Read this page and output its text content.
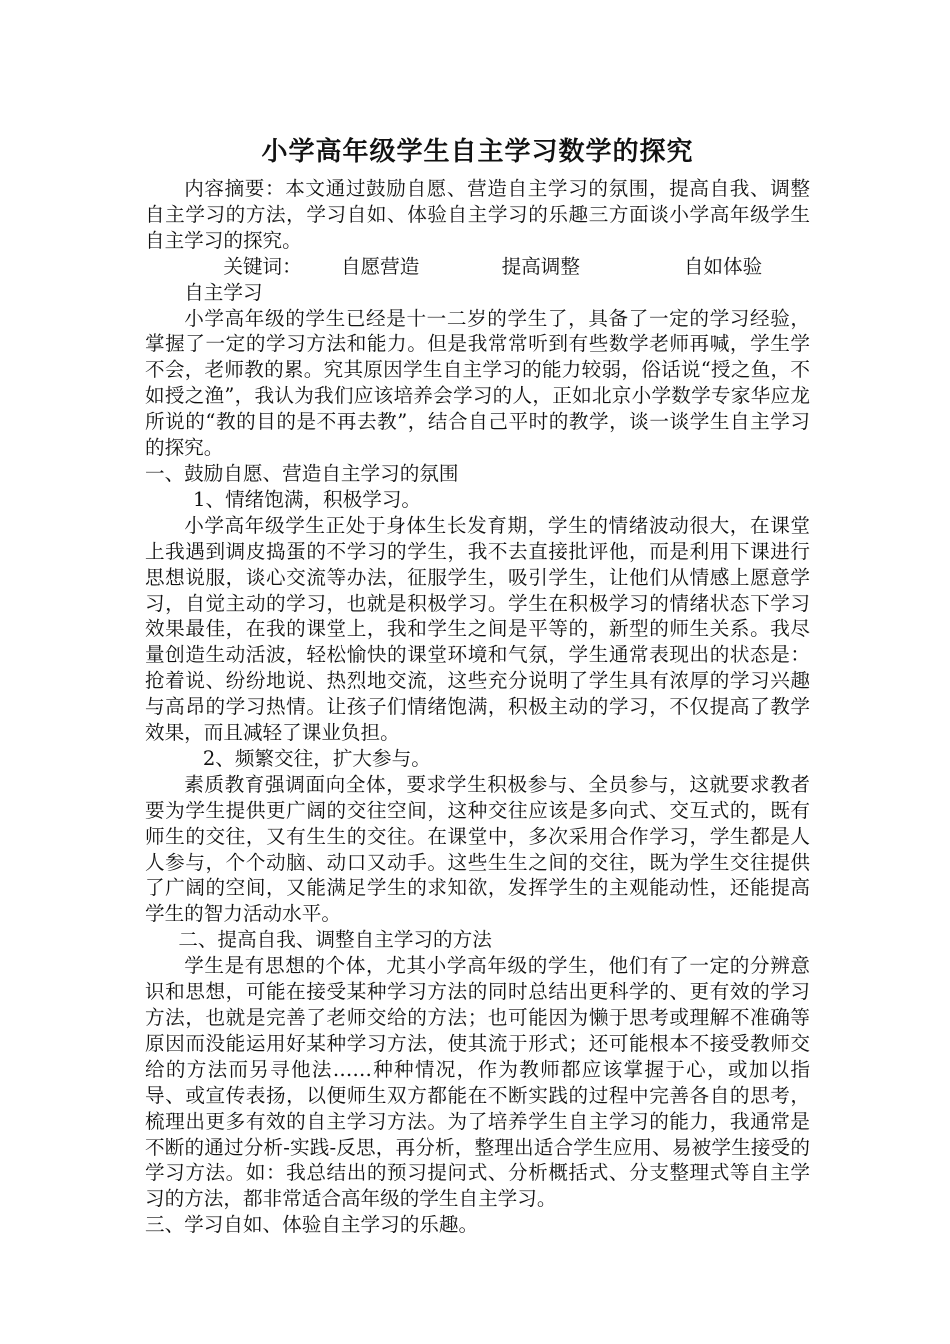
小学高年级学生自主学习数学的探究

内容摘要：本文通过鼓励自愿、营造自主学习的氛围，提高自我、调整自主学习的方法，学习自如、体验自主学习的乐趣三方面谈小学高年级学生自主学习的探究。

关键词： 自愿营造	提高调整	自如体验自主学习

小学高年级的学生已经是十一二岁的学生了，具备了一定的学习经验，掌握了一定的学习方法和能力。但是我常常听到有些数学老师再喊，学生学不会，老师教的累。究其原因学生自主学习的能力较弱，俗话说“授之鱼，不如授之渔”，我认为我们应该培养会学习的人，正如北京小学数学专家华应龙所说的“教的目的是不再去教”，结合自己平时的教学，谈一谈学生自主学习的探究。

一、鼓励自愿、营造自主学习的氛围

1、情绪饱满，积极学习。

小学高年级学生正处于身体生长发育期，学生的情绪波动很大，在课堂上我遇到调皮捣蛋的不学习的学生，我不去直接批评他，而是利用下课进行思想说服，谈心交流等办法，征服学生，吸引学生，让他们从情感上愿意学习，自觉主动的学习，也就是积极学习。学生在积极学习的情绪状态下学习效果最佳，在我的课堂上，我和学生之间是平等的，新型的师生关系。我尽量创造生动活波，轻松愉快的课堂环境和气氛，学生通常表现出的状态是：抢着说、纷纷地说、热烈地交流，这些充分说明了学生具有浓厚的学习兴趣与高昂的学习热情。让孩子们情绪饱满，积极主动的学习，不仅提高了教学效果，而且减轻了课业负担。

2、频繁交往，扩大参与。

素质教育强调面向全体，要求学生积极参与、全员参与，这就要求教者要为学生提供更广阔的交往空间，这种交往应该是多向式、交互式的，既有师生的交往，又有生生的交往。在课堂中，多次采用合作学习，学生都是人人参与，个个动脑、动口又动手。这些生生之间的交往，既为学生交往提供了广阔的空间，又能满足学生的求知欲，发挥学生的主观能动性，还能提高学生的智力活动水平。

二、提高自我、调整自主学习的方法

学生是有思想的个体，尤其小学高年级的学生，他们有了一定的分辨意识和思想，可能在接受某种学习方法的同时总结出更科学的、更有效的学习方法，也就是完善了老师交给的方法；也可能因为懒于思考或理解不准确等原因而没能运用好某种学习方法，使其流于形式；还可能根本不接受教师交给的方法而另寻他法……种种情况，作为教师都应该掌握于心，或加以指导、或宣传表扬，以便师生双方都能在不断实践的过程中完善各自的思考，梳理出更多有效的自主学习方法。为了培养学生自主学习的能力，我通常是不断的通过分析-实践-反思，再分析，整理出适合学生应用、易被学生接受的学习方法。如：我总结出的预习提问式、分析概括式、分支整理式等自主学习的方法，都非常适合高年级的学生自主学习。

三、学习自如、体验自主学习的乐趣。
